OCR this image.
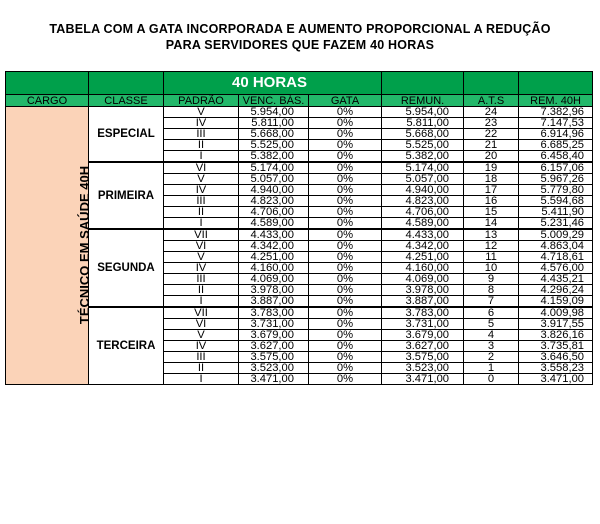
TABELA COM A GATA INCORPORADA E AUMENTO PROPORCIONAL A REDUÇÃO
PARA SERVIDORES QUE FAZEM 40 HORAS
		40 HORAS					
CARGO	CLASSE	PADRÃO	VENC. BÁS.	GATA	REMUN.	A.T.S	REM. 40H
TÉCNICO EM SAÚDE 40H	ESPECIAL	V	5.954,00	0%	5.954,00	24	7.382,96
		IV	5.811,00	0%	5.811,00	23	7.147,53
		III	5.668,00	0%	5.668,00	22	6.914,96
		II	5.525,00	0%	5.525,00	21	6.685,25
		I	5.382,00	0%	5.382,00	20	6.458,40
	PRIMEIRA	VI	5.174,00	0%	5.174,00	19	6.157,06
		V	5.057,00	0%	5.057,00	18	5.967,26
		IV	4.940,00	0%	4.940,00	17	5.779,80
		III	4.823,00	0%	4.823,00	16	5.594,68
		II	4.706,00	0%	4.706,00	15	5.411,90
		I	4.589,00	0%	4.589,00	14	5.231,46
	SEGUNDA	VII	4.433,00	0%	4.433,00	13	5.009,29
		VI	4.342,00	0%	4.342,00	12	4.863,04
		V	4.251,00	0%	4.251,00	11	4.718,61
		IV	4.160,00	0%	4.160,00	10	4.576,00
		III	4.069,00	0%	4.069,00	9	4.435,21
		II	3.978,00	0%	3.978,00	8	4.296,24
		I	3.887,00	0%	3.887,00	7	4.159,09
	TERCEIRA	VII	3.783,00	0%	3.783,00	6	4.009,98
		VI	3.731,00	0%	3.731,00	5	3.917,55
		V	3.679,00	0%	3.679,00	4	3.826,16
		IV	3.627,00	0%	3.627,00	3	3.735,81
		III	3.575,00	0%	3.575,00	2	3.646,50
		II	3.523,00	0%	3.523,00	1	3.558,23
		I	3.471,00	0%	3.471,00	0	3.471,00
